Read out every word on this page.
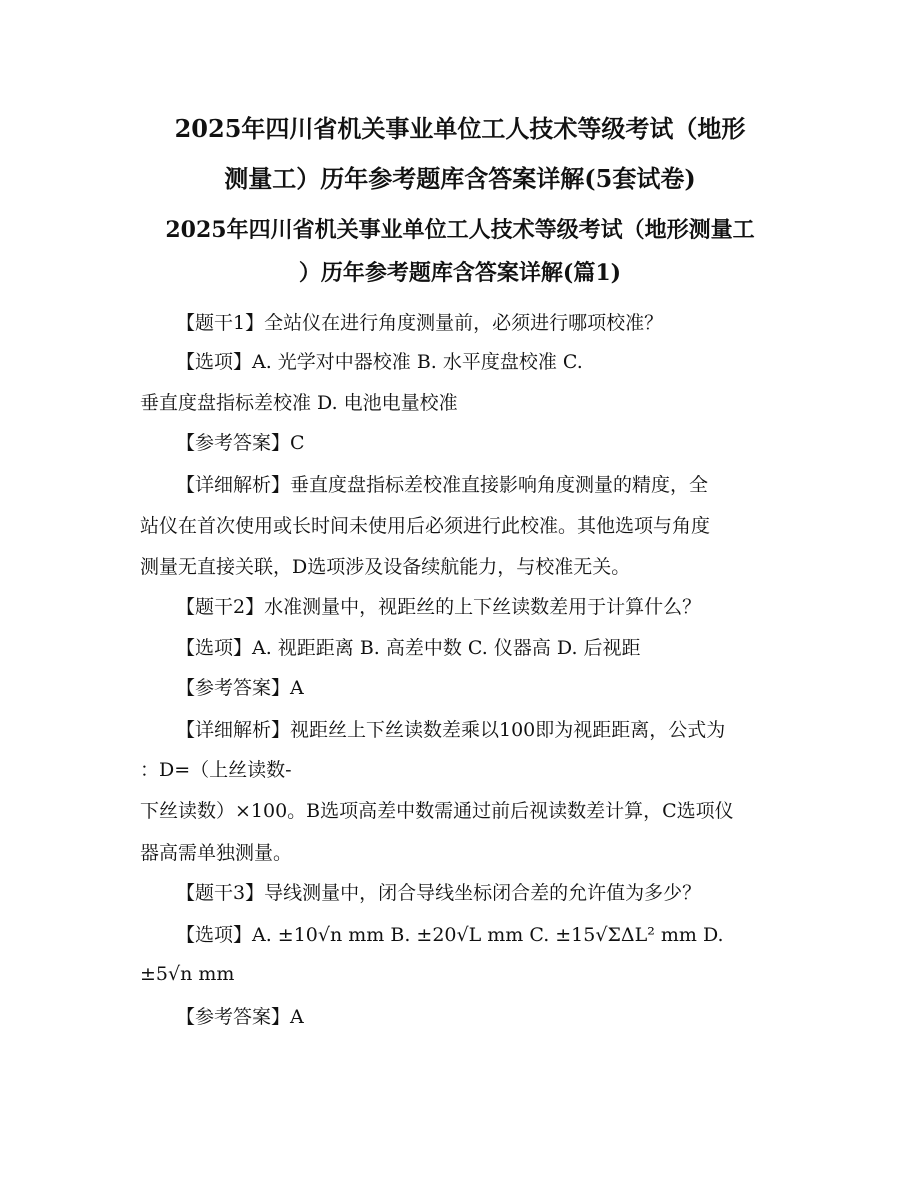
2025年四川省机关事业单位工人技术等级考试（地形
测量工）历年参考题库含答案详解(5套试卷)
2025年四川省机关事业单位工人技术等级考试（地形测量工
）历年参考题库含答案详解(篇1)

【题干1】全站仪在进行角度测量前，必须进行哪项校准？

【选项】A. 光学对中器校准 B. 水平度盘校准 C.

垂直度盘指标差校准 D. 电池电量校准

【参考答案】C

【详细解析】垂直度盘指标差校准直接影响角度测量的精度，全

站仪在首次使用或长时间未使用后必须进行此校准。其他选项与角度

测量无直接关联，D选项涉及设备续航能力，与校准无关。

【题干2】水准测量中，视距丝的上下丝读数差用于计算什么？

【选项】A. 视距距离 B. 高差中数 C. 仪器高 D. 后视距

【参考答案】A

【详细解析】视距丝上下丝读数差乘以100即为视距距离，公式为

：D=（上丝读数-

下丝读数）×100。B选项高差中数需通过前后视读数差计算，C选项仪

器高需单独测量。

【题干3】导线测量中，闭合导线坐标闭合差的允许值为多少？

【选项】A. ±10√n mm B. ±20√L mm C. ±15√ΣΔL² mm D.

±5√n mm

【参考答案】A
